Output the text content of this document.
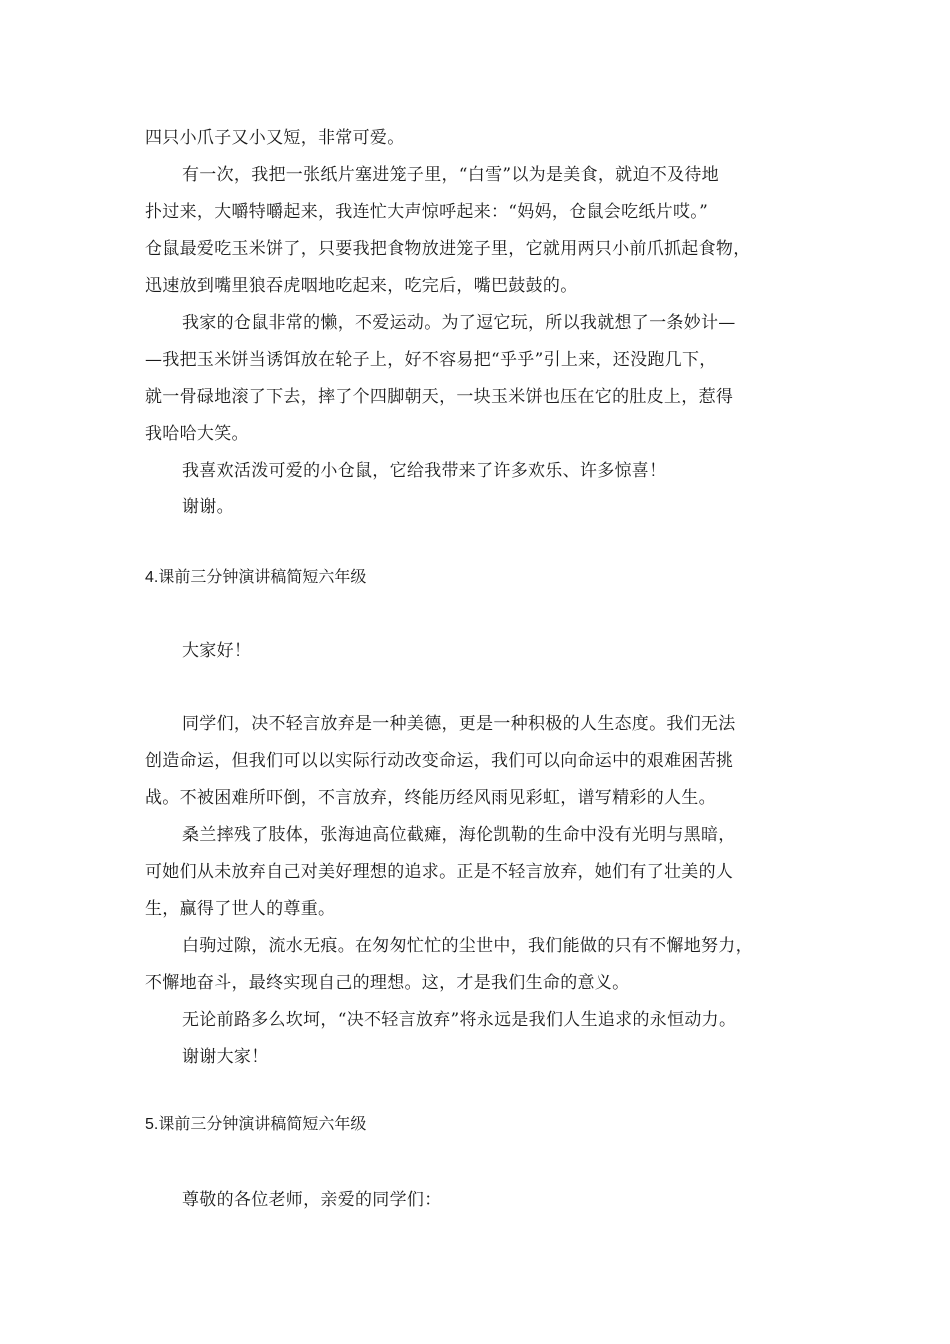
四只小爪子又小又短，非常可爱。
有一次，我把一张纸片塞进笼子里，“白雪”以为是美食，就迫不及待地
扑过来，大嚼特嚼起来，我连忙大声惊呼起来：“妈妈，仓鼠会吃纸片哎。”
仓鼠最爱吃玉米饼了，只要我把食物放进笼子里，它就用两只小前爪抓起食物，
迅速放到嘴里狼吞虎咽地吃起来，吃完后，嘴巴鼓鼓的。
我家的仓鼠非常的懒，不爱运动。为了逗它玩，所以我就想了一条妙计—
—我把玉米饼当诱饵放在轮子上，好不容易把“乎乎”引上来，还没跑几下，
就一骨碌地滚了下去，摔了个四脚朝天，一块玉米饼也压在它的肚皮上，惹得
我哈哈大笑。
我喜欢活泼可爱的小仓鼠，它给我带来了许多欢乐、许多惊喜！
谢谢。
4.课前三分钟演讲稿简短六年级
大家好！
同学们，决不轻言放弃是一种美德，更是一种积极的人生态度。我们无法
创造命运，但我们可以以实际行动改变命运，我们可以向命运中的艰难困苦挑
战。不被困难所吓倒，不言放弃，终能历经风雨见彩虹，谱写精彩的人生。
桑兰摔残了肢体，张海迪高位截瘫，海伦凯勒的生命中没有光明与黑暗，
可她们从未放弃自己对美好理想的追求。正是不轻言放弃，她们有了壮美的人
生，赢得了世人的尊重。
白驹过隙，流水无痕。在匆匆忙忙的尘世中，我们能做的只有不懈地努力，
不懈地奋斗，最终实现自己的理想。这，才是我们生命的意义。
无论前路多么坎坷，“决不轻言放弃”将永远是我们人生追求的永恒动力。
谢谢大家！
5.课前三分钟演讲稿简短六年级
尊敬的各位老师，亲爱的同学们：
